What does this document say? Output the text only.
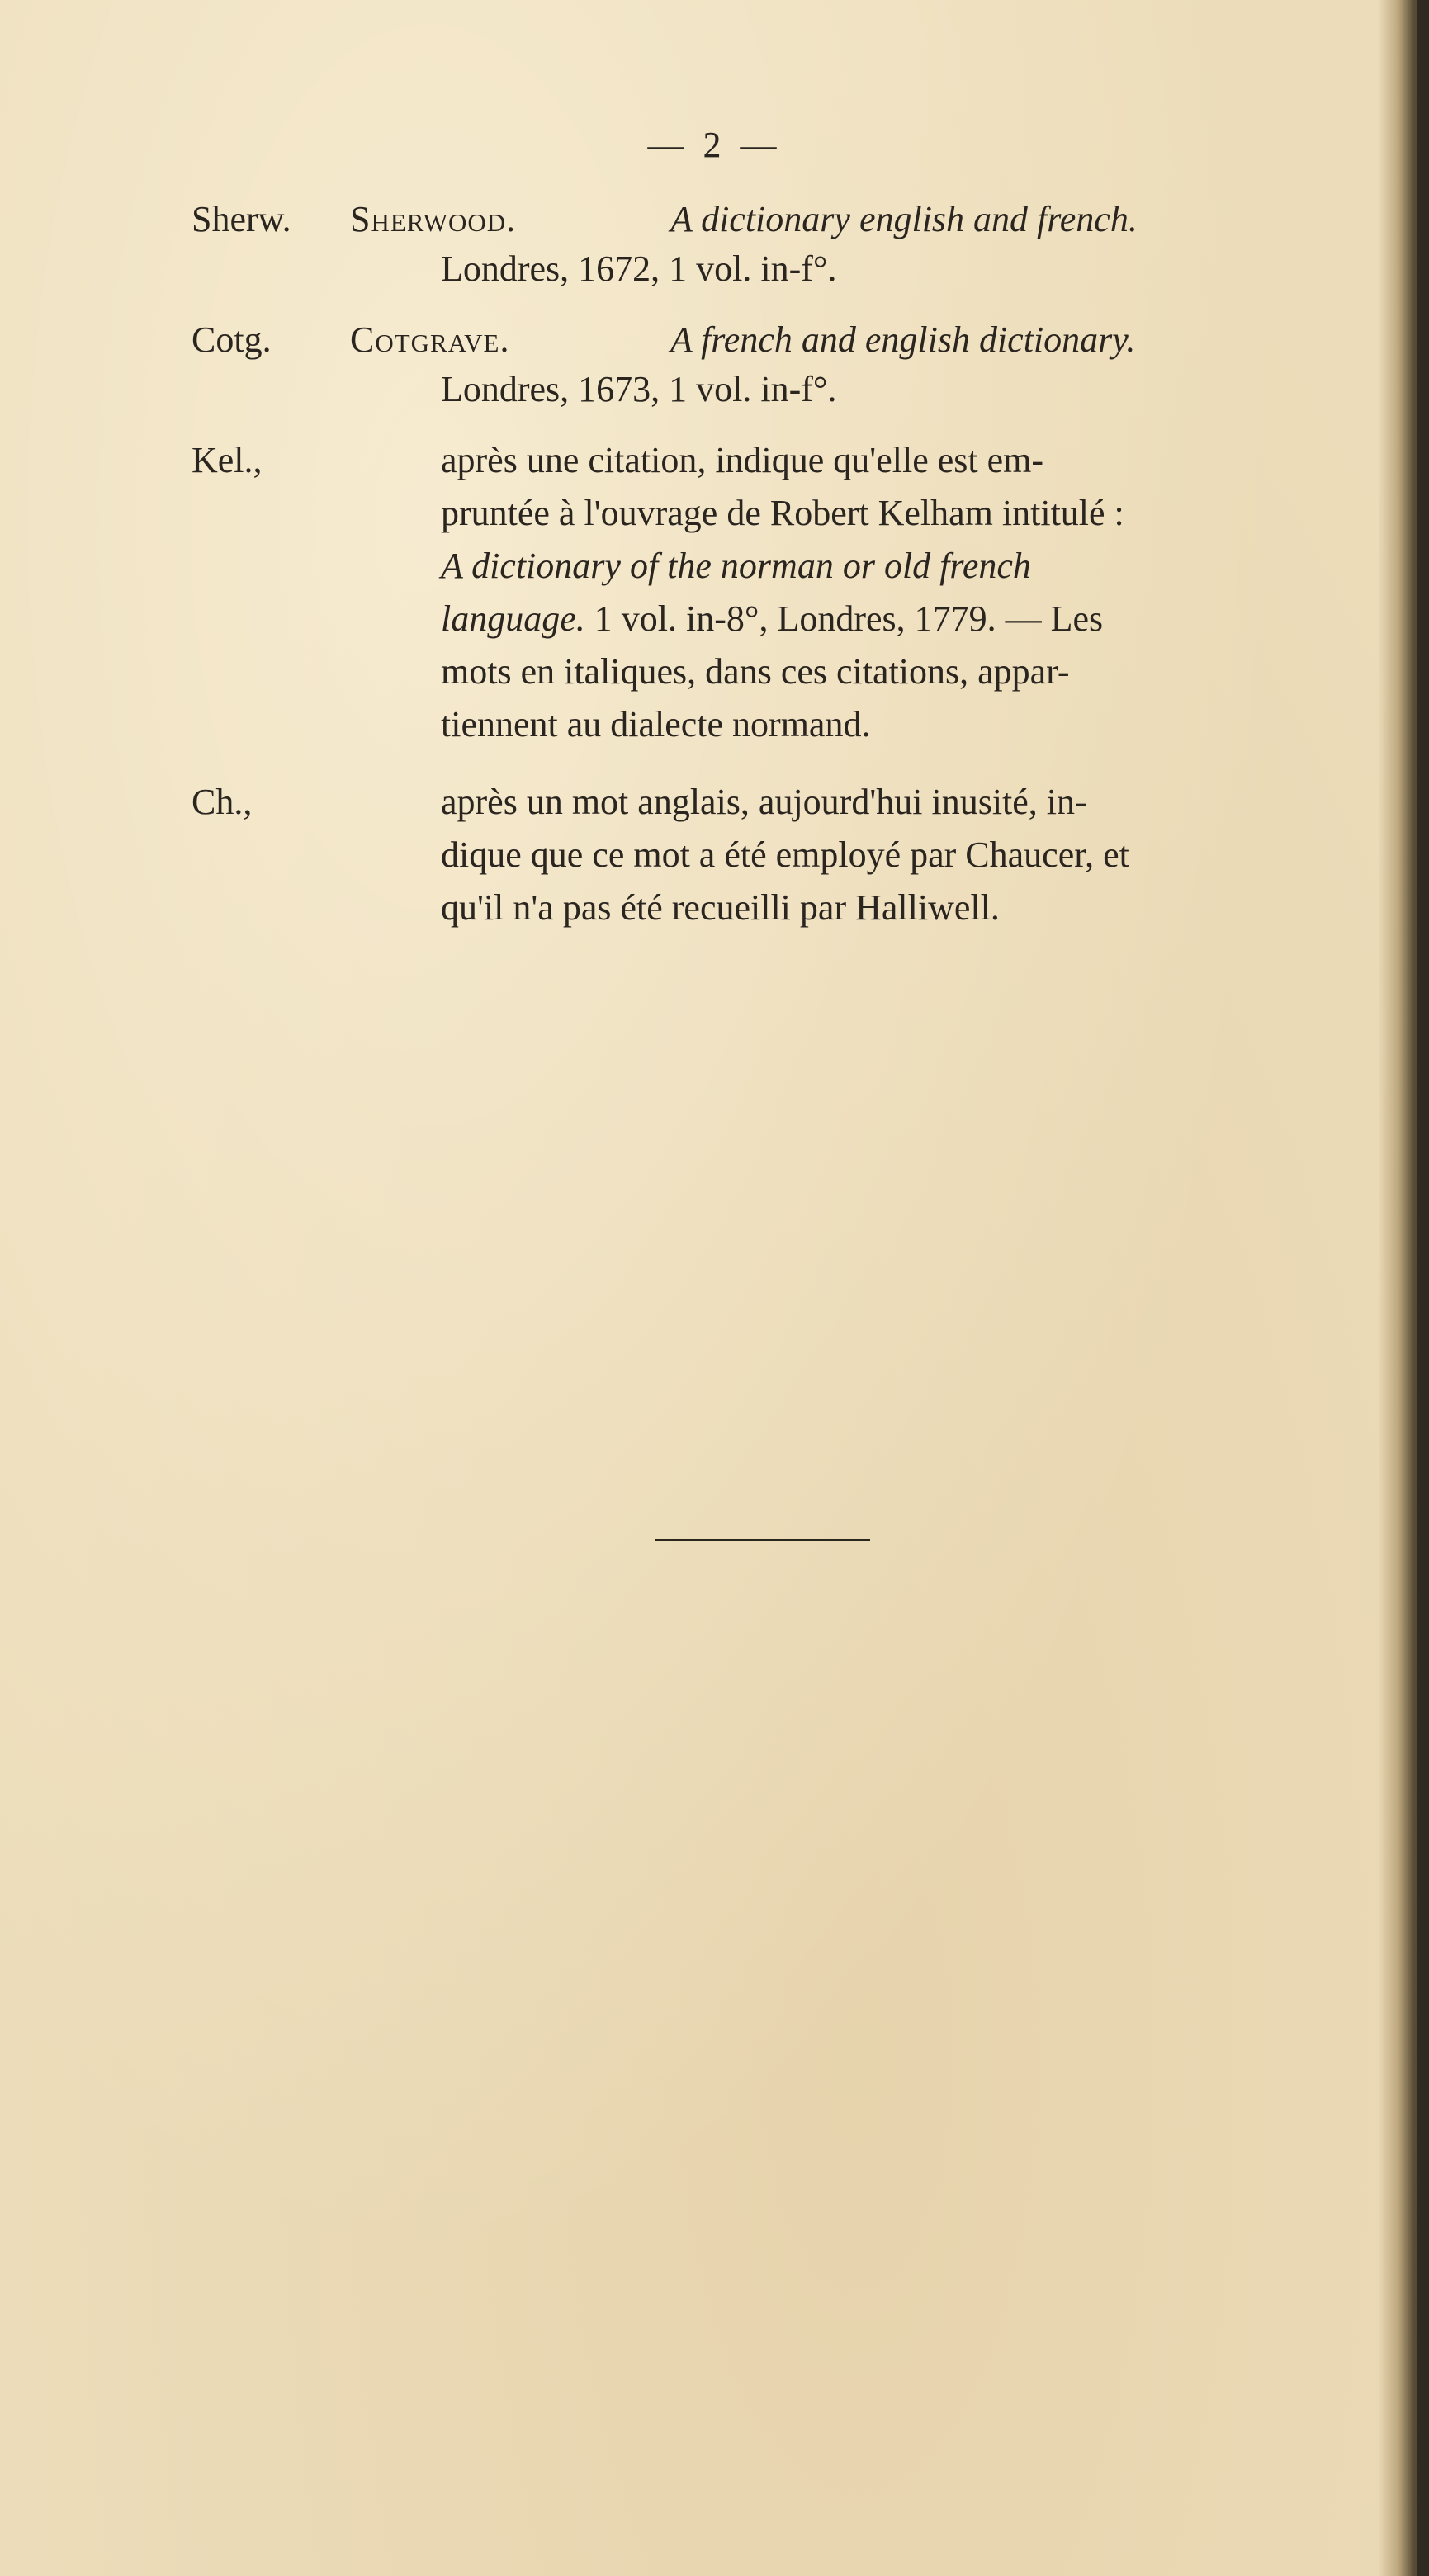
— 2 —
Sherw. Sherwood.	A dictionary english and french.
Londres, 1672, 1 vol. in-f°.
Cotg. Cotgrave.	A french and english dictionary.
Londres, 1673, 1 vol. in-f°.
Kel.,	après une citation, indique qu'elle est em-
pruntée à l'ouvrage de Robert Kelham intitulé :
A dictionary of the norman or old french
language. 1 vol. in-8°, Londres, 1779. — Les
mots en italiques, dans ces citations, appar-
tiennent au dialecte normand.
Ch.,	après un mot anglais, aujourd'hui inusité, in-
dique que ce mot a été employé par Chaucer, et
qu'il n'a pas été recueilli par Halliwell.
